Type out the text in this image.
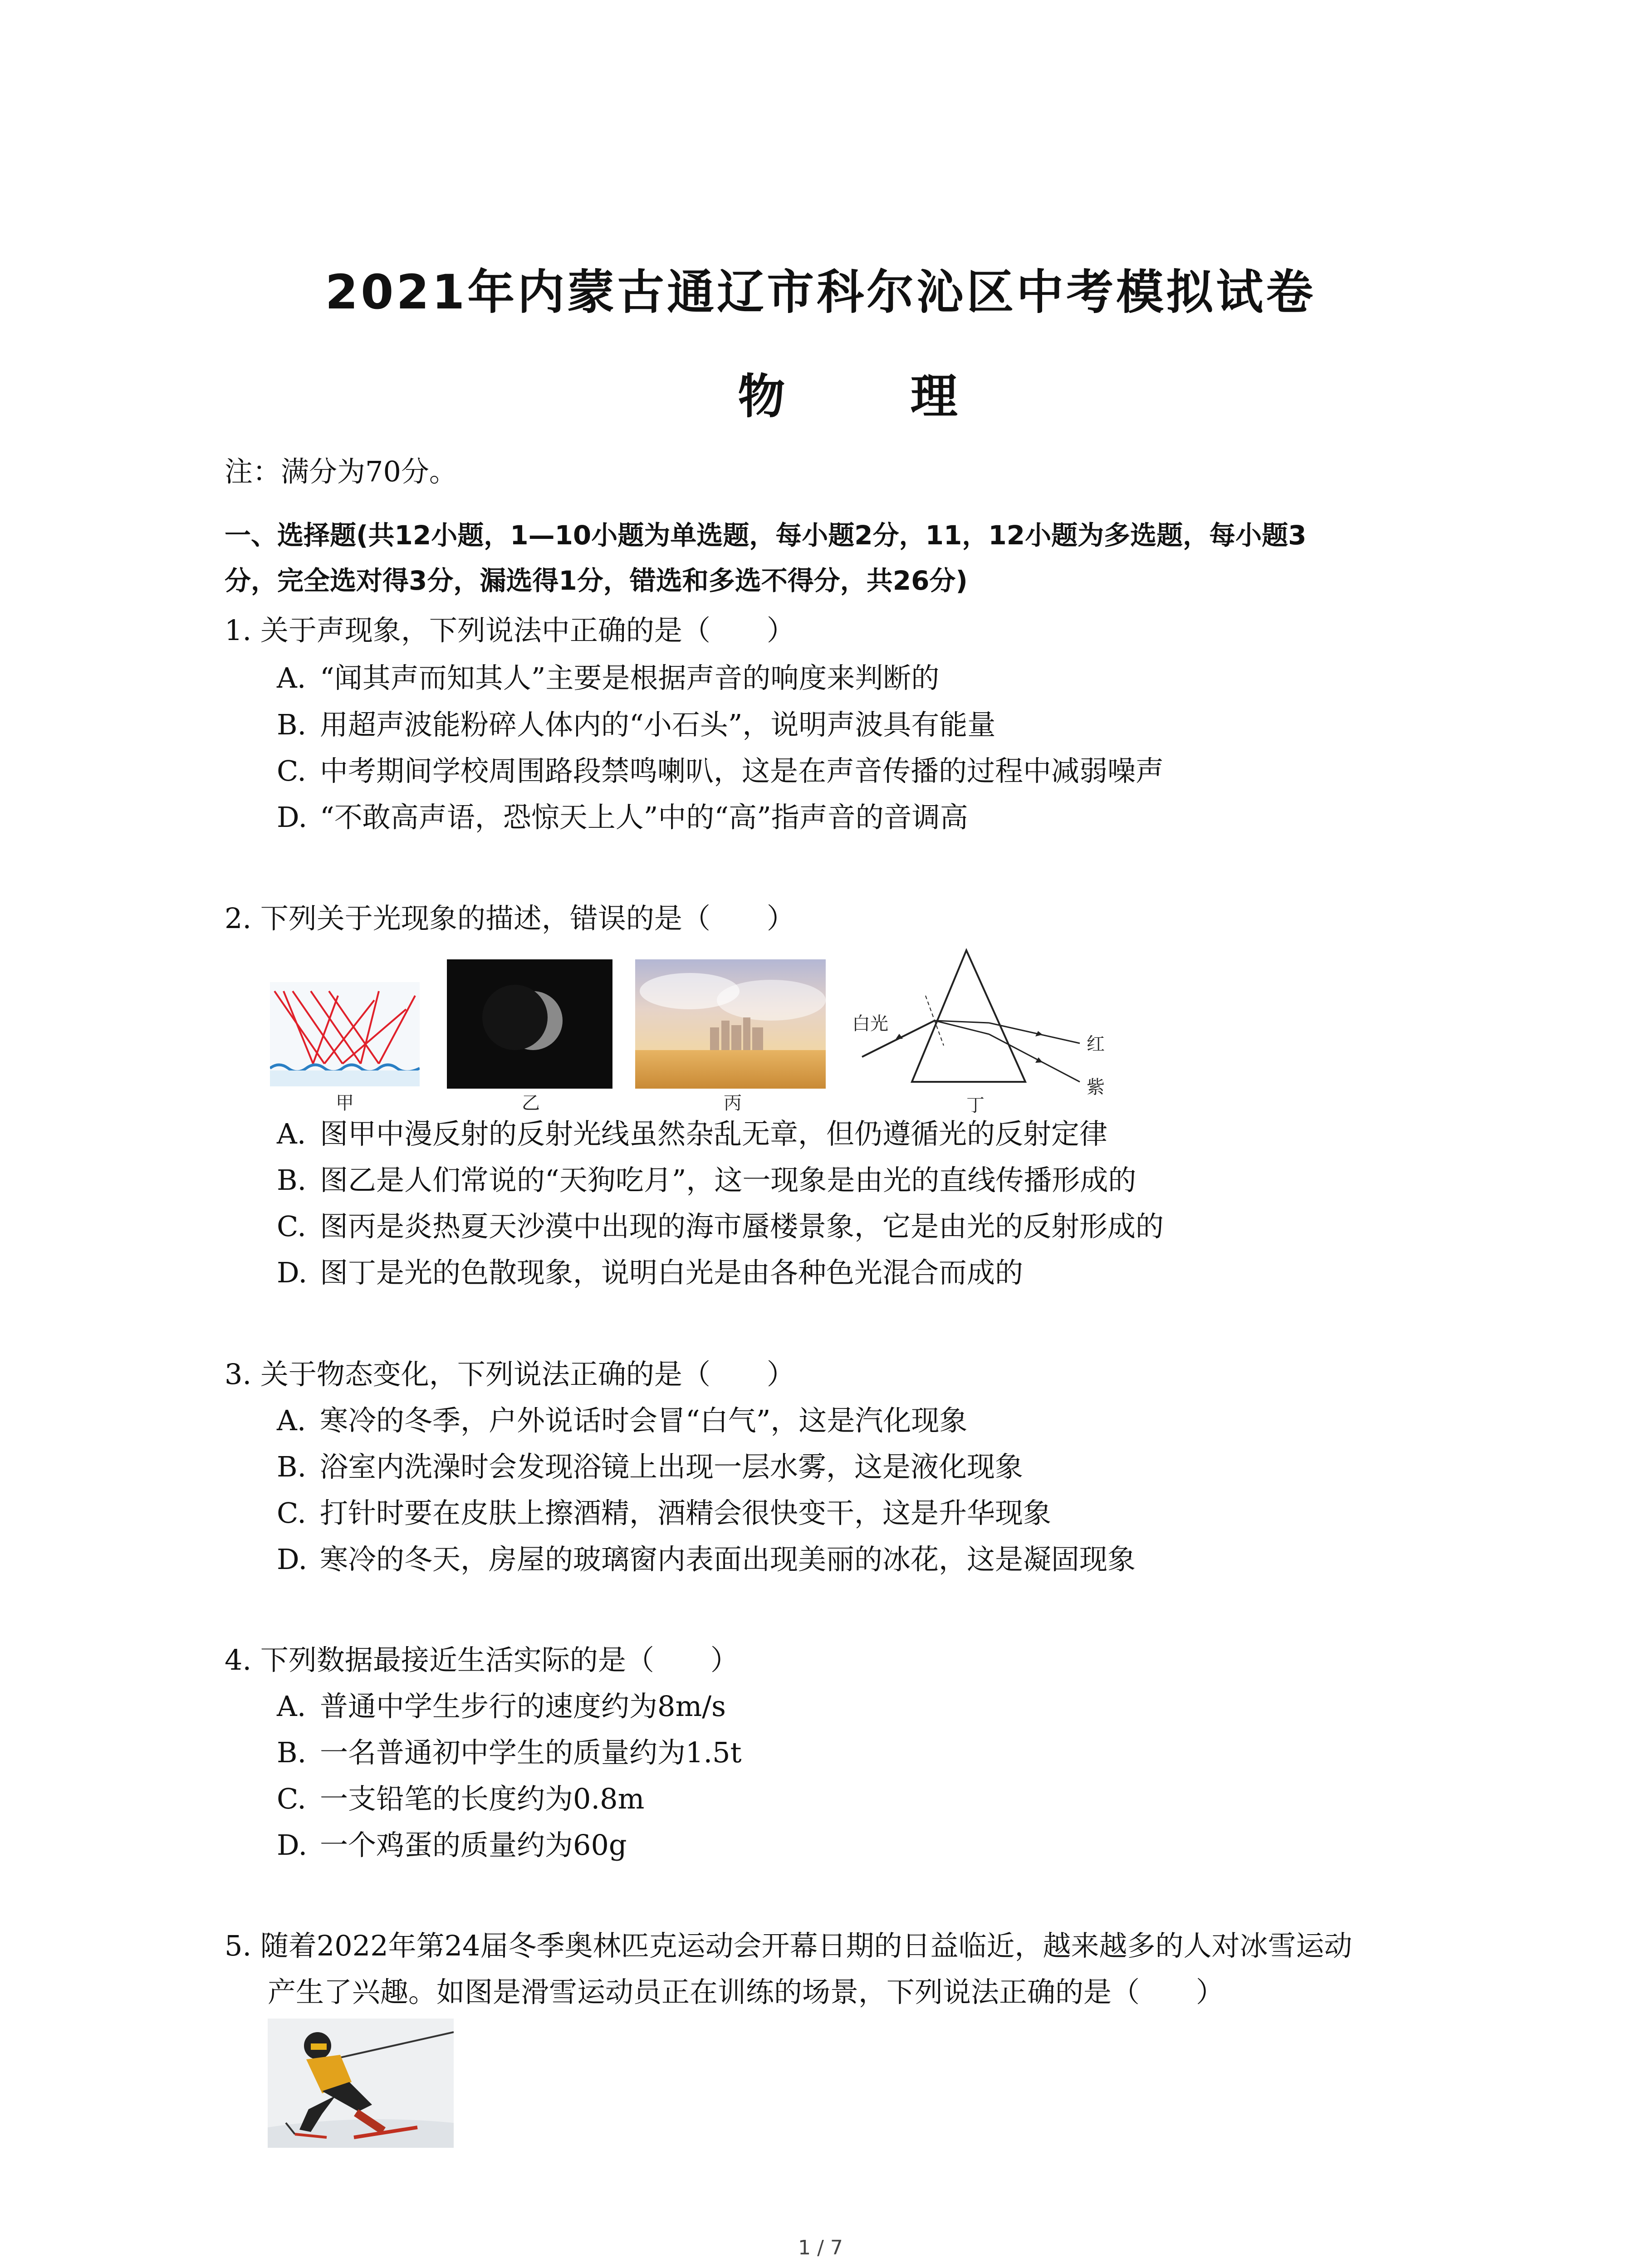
2021年内蒙古通辽市科尔沁区中考模拟试卷
物 理
注：满分为70分。
一、选择题(共12小题，1—10小题为单选题，每小题2分，11，12小题为多选题，每小题3
分，完全选对得3分，漏选得1分，错选和多选不得分，共26分)
1. 关于声现象，下列说法中正确的是（　　）
A. “闻其声而知其人”主要是根据声音的响度来判断的
B. 用超声波能粉碎人体内的“小石头”，说明声波具有能量
C. 中考期间学校周围路段禁鸣喇叭，这是在声音传播的过程中减弱噪声
D. “不敢高声语，恐惊天上人”中的“高”指声音的音调高
2. 下列关于光现象的描述，错误的是（　　）
甲	乙	丙
白光
红
紫
丁
A. 图甲中漫反射的反射光线虽然杂乱无章，但仍遵循光的反射定律
B. 图乙是人们常说的“天狗吃月”，这一现象是由光的直线传播形成的
C. 图丙是炎热夏天沙漠中出现的海市蜃楼景象，它是由光的反射形成的
D. 图丁是光的色散现象，说明白光是由各种色光混合而成的
3. 关于物态变化，下列说法正确的是（　　）
A. 寒冷的冬季，户外说话时会冒“白气”，这是汽化现象
B. 浴室内洗澡时会发现浴镜上出现一层水雾，这是液化现象
C. 打针时要在皮肤上擦酒精，酒精会很快变干，这是升华现象
D. 寒冷的冬天，房屋的玻璃窗内表面出现美丽的冰花，这是凝固现象
4. 下列数据最接近生活实际的是（　　）
A. 普通中学生步行的速度约为8m/s
B. 一名普通初中学生的质量约为1.5t
C. 一支铅笔的长度约为0.8m
D. 一个鸡蛋的质量约为60g
5. 随着2022年第24届冬季奥林匹克运动会开幕日期的日益临近，越来越多的人对冰雪运动
产生了兴趣。如图是滑雪运动员正在训练的场景，下列说法正确的是（　　）
1 / 7
